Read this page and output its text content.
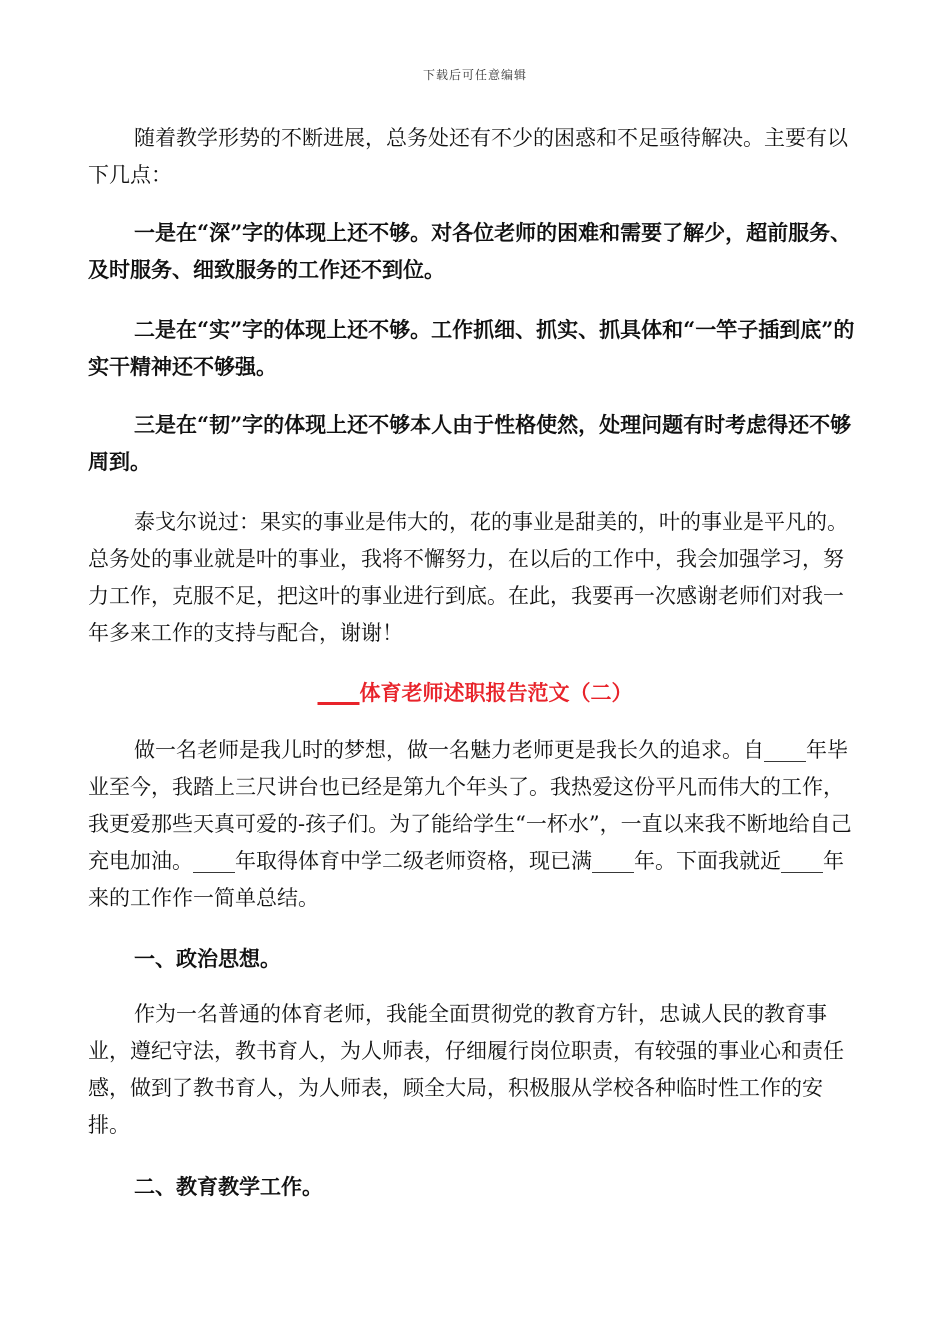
下载后可任意编辑

随着教学形势的不断进展，总务处还有不少的困惑和不足亟待解决。主要有以下几点：

一是在“深”字的体现上还不够。对各位老师的困难和需要了解少，超前服务、及时服务、细致服务的工作还不到位。

二是在“实”字的体现上还不够。工作抓细、抓实、抓具体和“一竿子插到底”的实干精神还不够强。

三是在“韧”字的体现上还不够本人由于性格使然，处理问题有时考虑得还不够周到。

泰戈尔说过：果实的事业是伟大的，花的事业是甜美的，叶的事业是平凡的。总务处的事业就是叶的事业，我将不懈努力，在以后的工作中，我会加强学习，努力工作，克服不足，把这叶的事业进行到底。在此，我要再一次感谢老师们对我一年多来工作的支持与配合，谢谢！

____体育老师述职报告范文（二）

做一名老师是我儿时的梦想，做一名魅力老师更是我长久的追求。自____年毕业至今，我踏上三尺讲台也已经是第九个年头了。我热爱这份平凡而伟大的工作，我更爱那些天真可爱的-孩子们。为了能给学生“一杯水”，一直以来我不断地给自己充电加油。____年取得体育中学二级老师资格，现已满____年。下面我就近____年来的工作作一简单总结。

一、政治思想。

作为一名普通的体育老师，我能全面贯彻党的教育方针，忠诚人民的教育事业，遵纪守法，教书育人，为人师表，仔细履行岗位职责，有较强的事业心和责任感，做到了教书育人，为人师表，顾全大局，积极服从学校各种临时性工作的安排。

二、教育教学工作。
